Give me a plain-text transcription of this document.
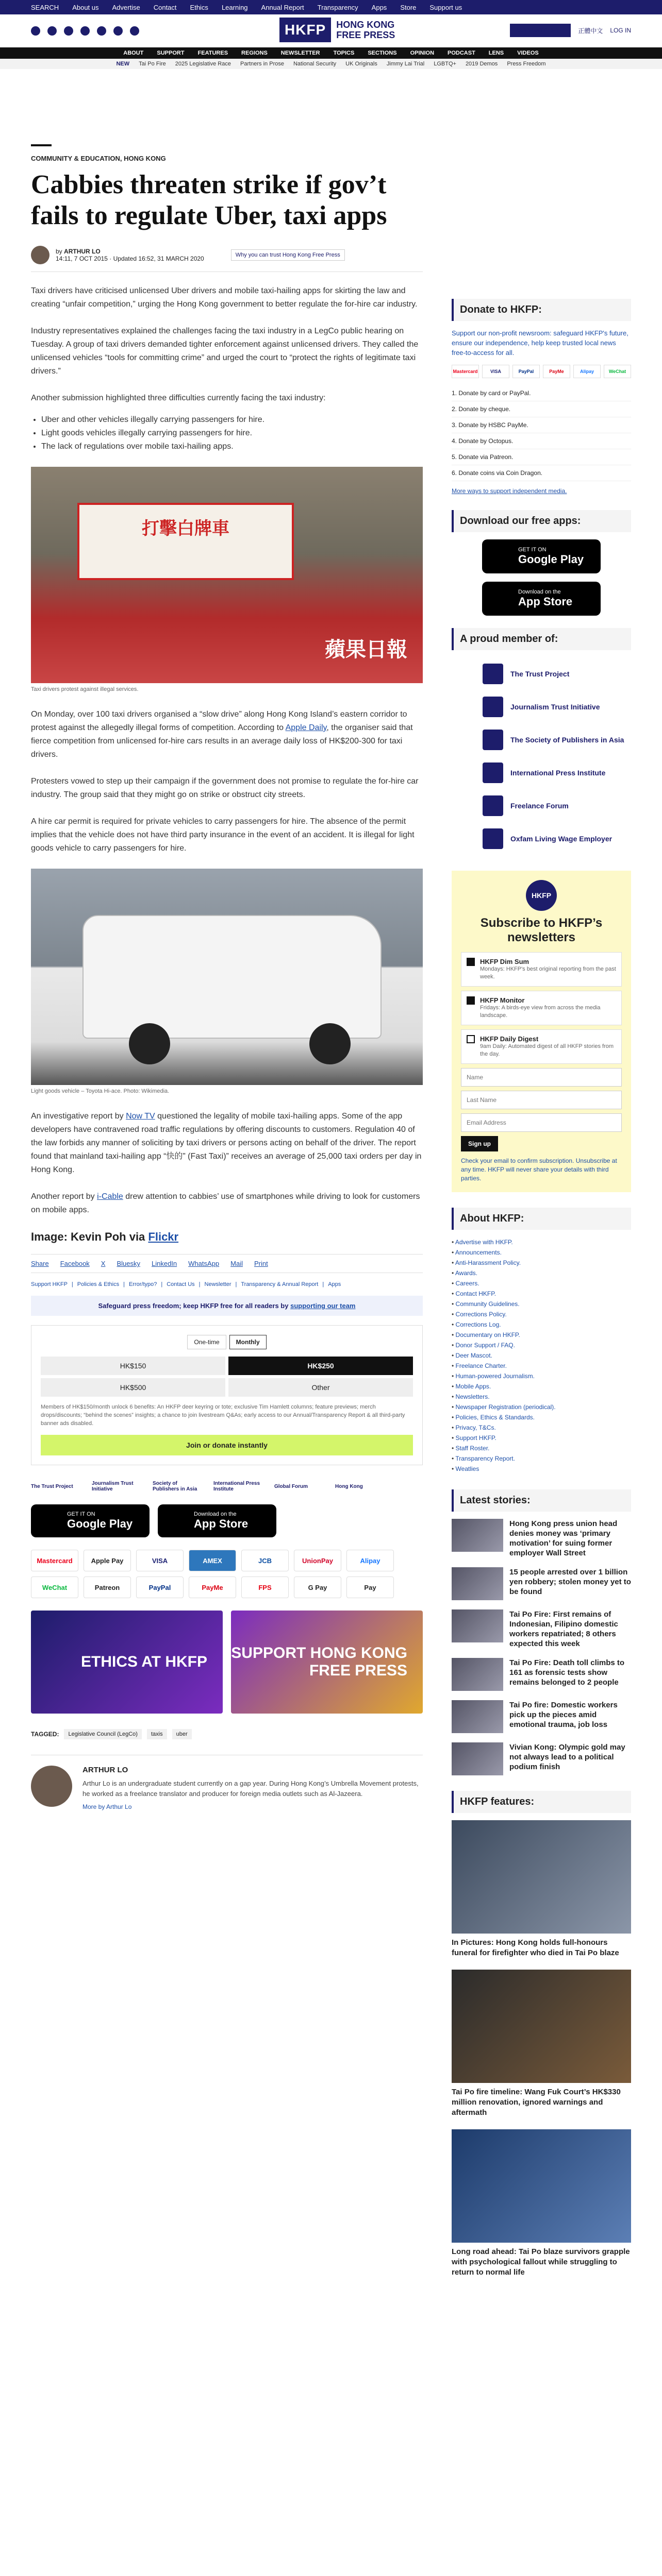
SEARCH About us Advertise Contact Ethics Learning Annual Report Transparency Apps Store Support us
HKFP	HONG KONG
FREE PRESS	SUPPORT HKFP	正體中文 LOG IN
ABOUT SUPPORT FEATURES REGIONS NEWSLETTER TOPICS SECTIONS OPINION PODCAST LENS VIDEOS
NEW Tai Po Fire 2025 Legislative Race Partners in Prose National Security UK Originals Jimmy Lai Trial LGBTQ+ 2019 Demos Press Freedom
COMMUNITY & EDUCATION, HONG KONG
Cabbies threaten strike if gov’t fails to regulate Uber, taxi apps
by ARTHUR LO
14:11, 7 OCT 2015 · Updated 16:52, 31 MARCH 2020	Why you can trust Hong Kong Free Press

Taxi drivers have criticised unlicensed Uber drivers and mobile taxi-hailing apps for skirting the law and creating “unfair competition,” urging the Hong Kong government to better regulate the for-hire car industry.

Industry representatives explained the challenges facing the taxi industry in a LegCo public hearing on Tuesday. A group of taxi drivers demanded tighter enforcement against unlicensed drivers. They called the unlicensed vehicles “tools for committing crime” and urged the court to “protect the rights of legitimate taxi drivers.”

Another submission highlighted three difficulties currently facing the taxi industry:

• Uber and other vehicles illegally carrying passengers for hire.
• Light goods vehicles illegally carrying passengers for hire.
• The lack of regulations over mobile taxi-hailing apps.
打擊白牌車
蘋果日報
Taxi drivers protest against illegal services.

On Monday, over 100 taxi drivers organised a “slow drive” along Hong Kong Island’s eastern corridor to protest against the allegedly illegal forms of competition. According to Apple Daily, the organiser said that fierce competition from unlicensed for-hire cars results in an average daily loss of HK$200-300 for taxi drivers.

Protesters vowed to step up their campaign if the government does not promise to regulate the for-hire car industry. The group said that they might go on strike or obstruct city streets.

A hire car permit is required for private vehicles to carry passengers for hire. The absence of the permit implies that the vehicle does not have third party insurance in the event of an accident. It is illegal for light goods vehicle to carry passengers for hire.

Light goods vehicle – Toyota Hi-ace. Photo: Wikimedia.

An investigative report by Now TV questioned the legality of mobile taxi-hailing apps. Some of the app developers have contravened road traffic regulations by offering discounts to customers. Regulation 40 of the law forbids any manner of soliciting by taxi drivers or persons acting on behalf of the driver. The report found that mainland taxi-hailing app “快的” (Fast Taxi)” receives an average of 25,000 taxi orders per day in Hong Kong.

Another report by i-Cable drew attention to cabbies’ use of smartphones while driving to look for customers on mobile apps.

Image: Kevin Poh via Flickr
Share Facebook X Bluesky LinkedIn WhatsApp Mail Print
Support HKFP | Policies & Ethics | Error/typo? | Contact Us | Newsletter | Transparency & Annual Report | Apps
Safeguard press freedom; keep HKFP free for all readers by supporting our team
One-time	Monthly
HK$150	HK$250
HK$500	Other
Members of HK$150/month unlock 6 benefits: An HKFP deer keyring or tote; exclusive Tim Hamlett columns; feature previews; merch drops/discounts; “behind the scenes” insights; a chance to join livestream Q&As; early access to our Annual/Transparency Report & all third-party banner ads disabled.
Join or donate instantly
The Trust Project	Journalism Trust Initiative
Society of Publishers in Asia
International Press Institute	Global Forum	Hong Kong
GET IT ON
Google Play
Download on the
App Store
Mastercard	Apple Pay	VISA	AMEX	JCB	UnionPay	Alipay
WeChat	Patreon	PayPal	PayMe	FPS	G Pay	Pay
ETHICS AT HKFP
SUPPORT HONG KONG FREE PRESS
TAGGED:	Legislative Council (LegCo)	taxis	uber
ARTHUR LO
Arthur Lo is an undergraduate student currently on a gap year. During Hong Kong’s Umbrella Movement protests, he worked as a freelance translator and producer for foreign media outlets such as Al-Jazeera.
More by Arthur Lo
Donate to HKFP:
Support our non-profit newsroom: safeguard HKFP's future, ensure our independence, help keep trusted local news free-to-access for all.
Mastercard	VISA	PayPal	PayMe	Alipay	WeChat
1. Donate by card or PayPal.
2. Donate by cheque.
3. Donate by HSBC PayMe.
4. Donate by Octopus.
5. Donate via Patreon.
6. Donate coins via Coin Dragon.
More ways to support independent media.
Download our free apps:
GET IT ON
Google Play
Download on the
App Store
A proud member of:
The Trust Project
Journalism Trust Initiative
The Society of Publishers in Asia
International Press Institute
Freelance Forum
Oxfam Living Wage Employer
HKFP
Subscribe to HKFP’s newsletters
HKFP Dim Sum
Mondays: HKFP's best original reporting from the past week.
HKFP Monitor
Fridays: A birds-eye view from across the media landscape.
HKFP Daily Digest
9am Daily: Automated digest of all HKFP stories from the day.
Name Last Name Email Address Sign up
Check your email to confirm subscription. Unsubscribe at any time. HKFP will never share your details with third parties.
About HKFP:
• Advertise with HKFP.
• Announcements.
• Anti-Harassment Policy.
• Awards.
• Careers.
• Contact HKFP.
• Community Guidelines.
• Corrections Policy.
• Corrections Log.
• Documentary on HKFP.
• Donor Support / FAQ.
• Deer Mascot.
• Freelance Charter.
• Human-powered Journalism.
• Mobile Apps.
• Newsletters.
• Newspaper Registration (periodical).
• Policies, Ethics & Standards.
• Privacy, T&Cs.
• Support HKFP.
• Staff Roster.
• Transparency Report.
• Weatlies
Latest stories:
Hong Kong press union head denies money was ‘primary motivation’ for suing former employer Wall Street
15 people arrested over 1 billion yen robbery; stolen money yet to be found
Tai Po Fire: First remains of Indonesian, Filipino domestic workers repatriated; 8 others expected this week
Tai Po Fire: Death toll climbs to 161 as forensic tests show remains belonged to 2 people
Tai Po fire: Domestic workers pick up the pieces amid emotional trauma, job loss
Vivian Kong: Olympic gold may not always lead to a political podium finish
HKFP features:
In Pictures: Hong Kong holds full-honours funeral for firefighter who died in Tai Po blaze
Tai Po fire timeline: Wang Fuk Court’s HK$330 million renovation, ignored warnings and aftermath
Long road ahead: Tai Po blaze survivors grapple with psychological fallout while struggling to return to normal life
